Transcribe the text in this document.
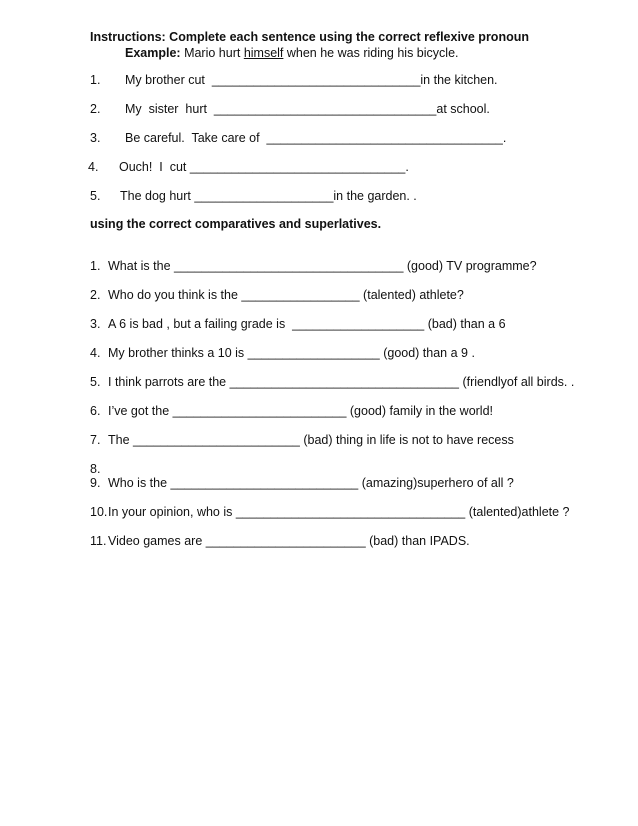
Instructions: Complete each sentence using the correct reflexive pronoun
Example: Mario hurt himself when he was riding his bicycle.
1. My brother cut  ______________________________in the kitchen.
2. My  sister  hurt  ________________________________at school.
3. Be careful.  Take care of  __________________________________.
4. Ouch!  I  cut _______________________________.
5. The dog hurt ____________________in the garden. .
using the correct comparatives and superlatives.
1. What is the _________________________________ (good) TV programme?
2. Who do you think is the _________________ (talented) athlete?
3. A 6 is bad , but a failing grade is  ___________________ (bad) than a 6
4. My brother thinks a 10 is ___________________ (good) than a 9 .
5. I think parrots are the _________________________________ (friendlyof all birds. .
6. I’ve got the _________________________ (good) family in the world!
7. The ________________________ (bad) thing in life is not to have recess
8.
9. Who is the ___________________________ (amazing)superhero of all ?
10. In your opinion, who is _________________________________ (talented)athlete ?
11. Video games are _______________________ (bad) than IPADS.
